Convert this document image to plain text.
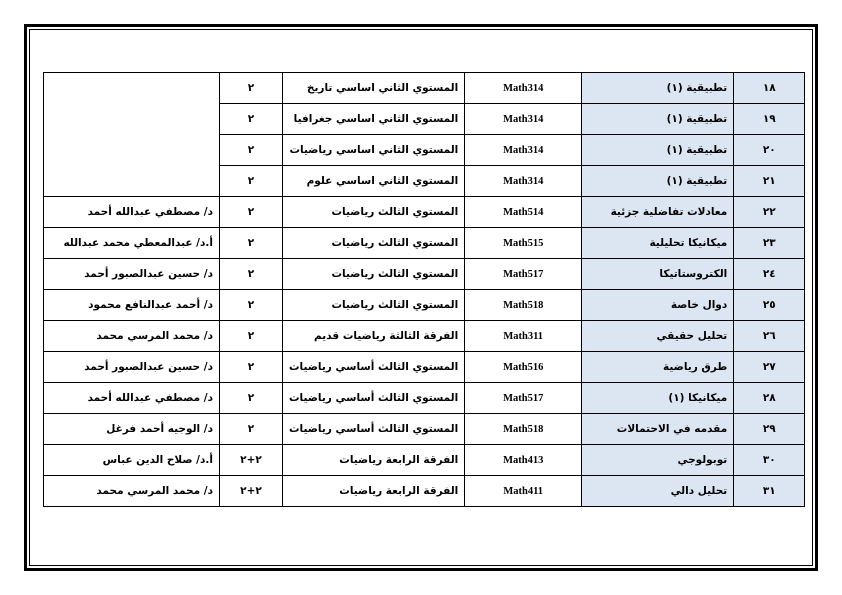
١٨	تطبيقية (١)	Math314	المستوي الثاني اساسي تاريخ	٢	
١٩	تطبيقية (١)	Math314	المستوي الثاني اساسي جغرافيا	٢	
٢٠	تطبيقية (١)	Math314	المستوي الثاني اساسي رياضيات	٢	
٢١	تطبيقية (١)	Math314	المستوي الثاني اساسي علوم	٢	
٢٢	معادلات تفاضلية جزئية	Math514	المستوي الثالث رياضيات	٢	د/ مصطفي عبدالله أحمد
٢٣	ميكانيكا تحليلية	Math515	المستوي الثالث رياضيات	٢	أ.د/ عبدالمعطي محمد عبدالله
٢٤	الكتروستاتيكا	Math517	المستوي الثالث رياضيات	٢	د/ حسين عبدالصبور أحمد
٢٥	دوال خاصة	Math518	المستوي الثالث رياضيات	٢	د/ أحمد عبدالنافع محمود
٢٦	تحليل حقيقي	Math311	الفرقة الثالثة رياضيات قديم	٢	د/ محمد المرسي محمد
٢٧	طرق رياضية	Math516	المستوي الثالث أساسي رياضيات	٢	د/ حسين عبدالصبور أحمد
٢٨	ميكانيكا (١)	Math517	المستوي الثالث أساسي رياضيات	٢	د/ مصطفي عبدالله أحمد
٢٩	مقدمه في الاحتمالات	Math518	المستوي الثالث أساسي رياضيات	٢	د/ الوجيه أحمد فرغل
٣٠	توبولوجي	Math413	الفرقة الرابعة رياضيات	٢+٢	أ.د/ صلاح الدين عباس
٣١	تحليل دالي	Math411	الفرقة الرابعة رياضيات	٢+٢	د/ محمد المرسي محمد
